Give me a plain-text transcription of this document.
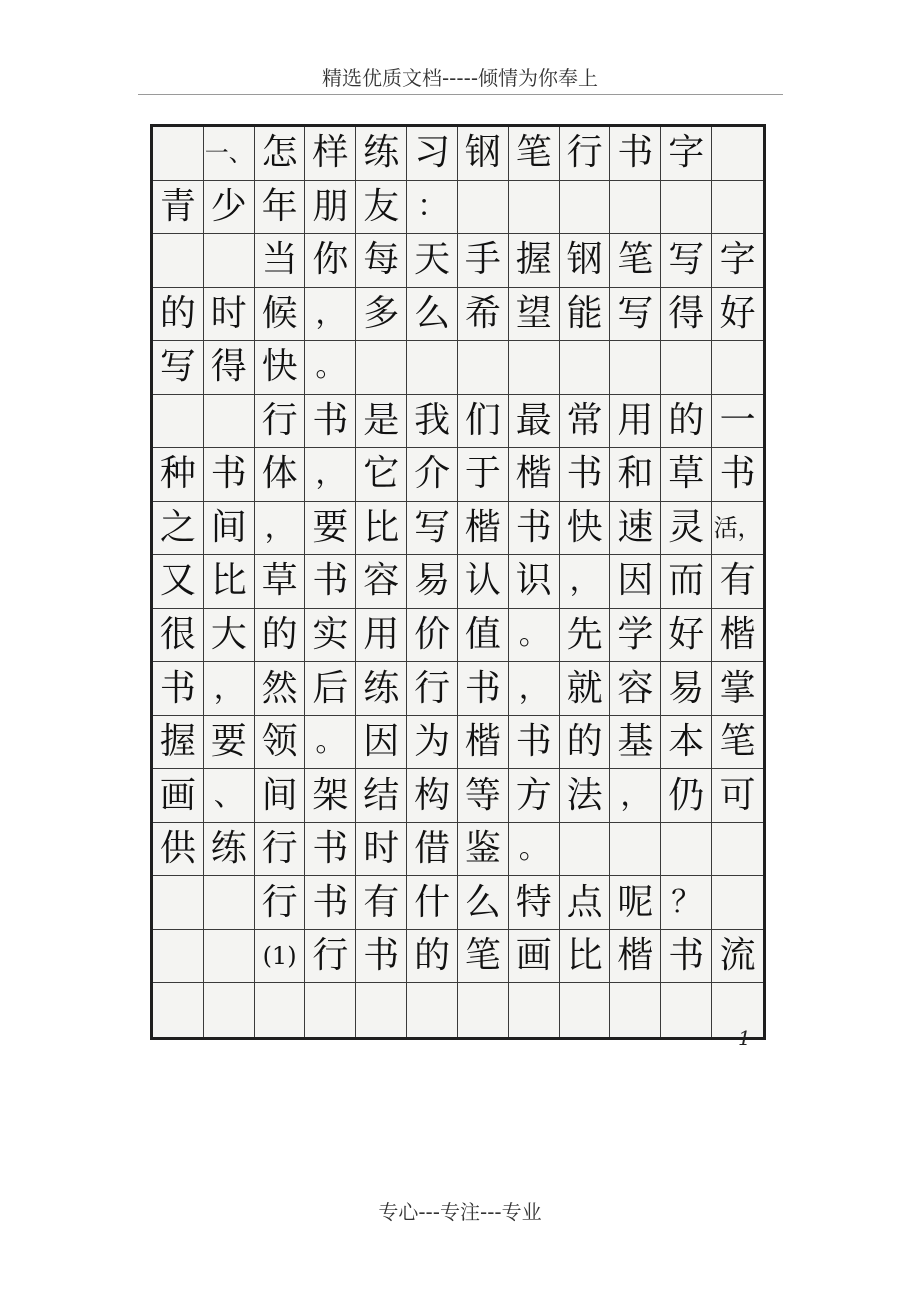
精选优质文档-----倾情为你奉上
一、 怎 样 练 习 钢 笔 行 书 字
青 少 年 朋 友 ：
当 你 每 天 手 握 钢 笔 写 字
的 时 候 ， 多 么 希 望 能 写 得 好
写 得 快 。
行 书 是 我 们 最 常 用 的 一
种 书 体 ， 它 介 于 楷 书 和 草 书
之 间 ， 要 比 写 楷 书 快 速 灵 活，
又 比 草 书 容 易 认 识 ， 因 而 有
很 大 的 实 用 价 值 。 先 学 好 楷
书 ， 然 后 练 行 书 ， 就 容 易 掌
握 要 领 。 因 为 楷 书 的 基 本 笔
画 、 间 架 结 构 等 方 法 ， 仍 可
供 练 行 书 时 借 鉴 。
行 书 有 什 么 特 点 呢 ？
(1) 行 书 的 笔 画 比 楷 书 流
1
专心---专注---专业
